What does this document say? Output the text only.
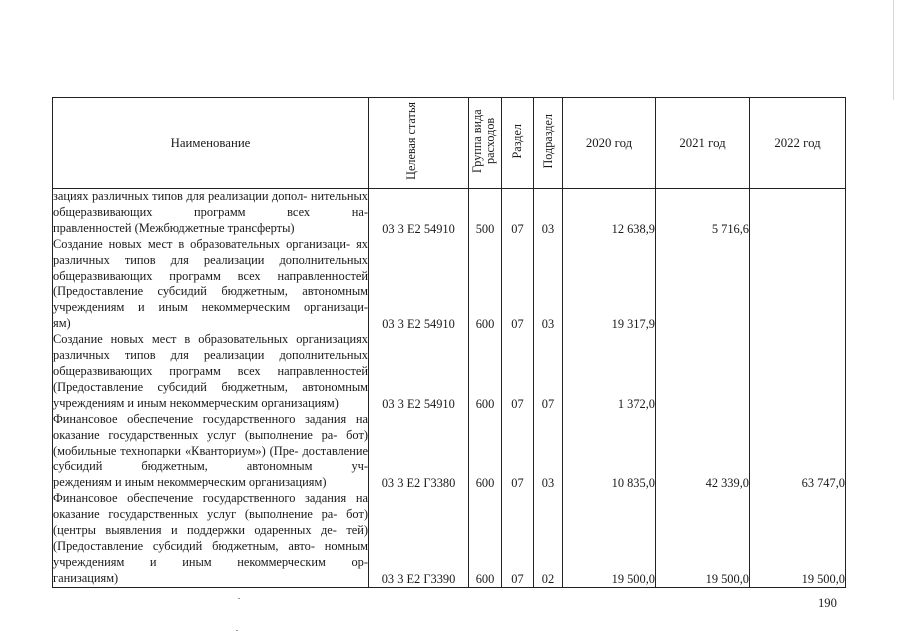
Наименование	Целевая статья	Группа вида расходов	Раздел	Подраздел	2020 год	2021 год	2022 год
зациях различных типов для реализации допол- нительных общеразвивающих программ всех на-
правленностей (Межбюджетные трансферты)	03 3 Е2 54910	500	07	03	12 638,9	5 716,6	
Создание новых мест в образовательных организаци- ях различных типов для реализации дополнительных общеразвивающих программ всех направленностей (Предоставление субсидий бюджетным, автономным учреждениям и иным некоммерческим организаци-
ям)	03 3 Е2 54910	600	07	03	19 317,9		
Создание новых мест в образовательных организациях различных типов для реализации дополнительных общеразвивающих программ всех направленностей (Предоставление субсидий бюджетным, автономным
учреждениям и иным некоммерческим организациям)	03 3 Е2 54910	600	07	07	1 372,0		
Финансовое обеспечение государственного задания на оказание государственных услуг (выполнение ра- бот) (мобильные технопарки «Кванториум») (Пре- доставление субсидий бюджетным, автономным уч-
реждениям и иным некоммерческим организациям)	03 3 Е2 Г3380	600	07	03	10 835,0	42 339,0	63 747,0
Финансовое обеспечение государственного задания на оказание государственных услуг (выполнение ра- бот) (центры выявления и поддержки одаренных де- тей) (Предоставление субсидий бюджетным, авто- номным учреждениям и иным некоммерческим ор-
ганизациям)	03 3 Е2 Г3390	600	07	02	19 500,0	19 500,0	19 500,0
190
